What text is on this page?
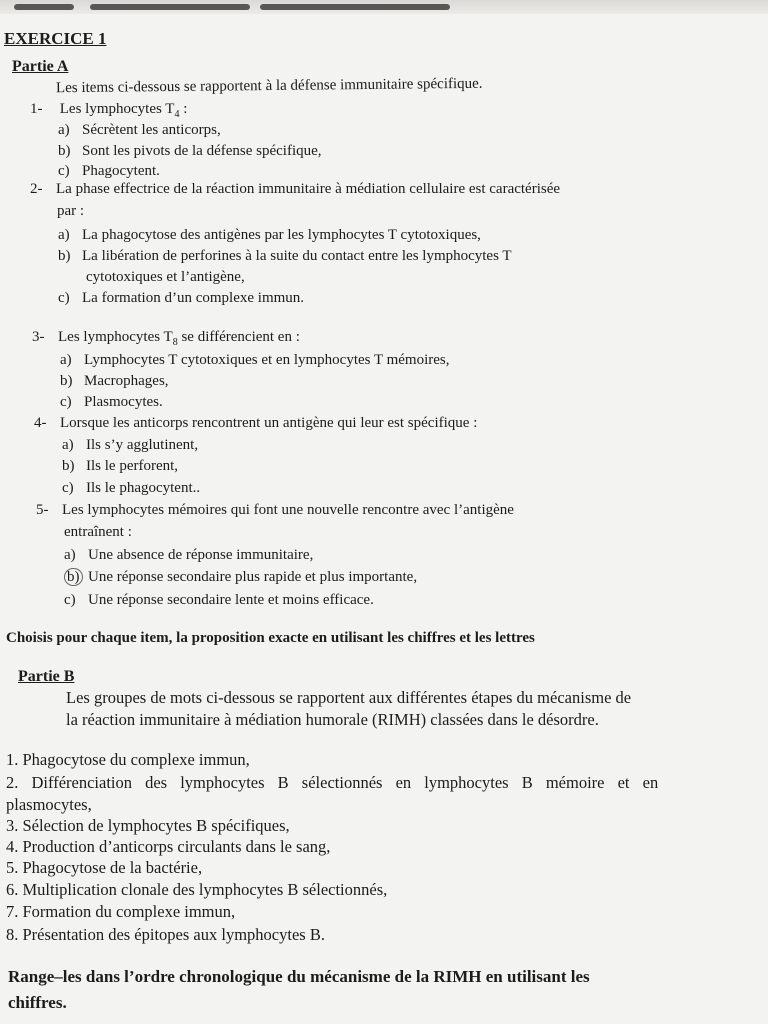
EXERCICE 1
Partie A
Les items ci-dessous se rapportent à la défense immunitaire spécifique.
1- Les lymphocytes $T_4$ :
a) Sécrètent les anticorps,
b) Sont les pivots de la défense spécifique,
c) Phagocytent.
2- La phase effectrice de la réaction immunitaire à médiation cellulaire est caractérisée
par :
a) La phagocytose des antigènes par les lymphocytes T cytotoxiques,
b) La libération de perforines à la suite du contact entre les lymphocytes T
cytotoxiques et l’antigène,
c) La formation d’un complexe immun.
3- Les lymphocytes $T_8$ se différencient en :
a) Lymphocytes T cytotoxiques et en lymphocytes T mémoires,
b) Macrophages,
c) Plasmocytes.
4- Lorsque les anticorps rencontrent un antigène qui leur est spécifique :
a) Ils s’y agglutinent,
b) Ils le perforent,
c) Ils le phagocytent..
5- Les lymphocytes mémoires qui font une nouvelle rencontre avec l’antigène
entraînent :
a) Une absence de réponse immunitaire,
b) Une réponse secondaire plus rapide et plus importante,
c) Une réponse secondaire lente et moins efficace.
Choisis pour chaque item, la proposition exacte en utilisant les chiffres et les lettres
Partie B
Les groupes de mots ci-dessous se rapportent aux différentes étapes du mécanisme de
la réaction immunitaire à médiation humorale (RIMH) classées dans le désordre.
1. Phagocytose du complexe immun,
2. Différenciation des lymphocytes B sélectionnés en lymphocytes B mémoire et en
plasmocytes,
3. Sélection de lymphocytes B spécifiques,
4. Production d’anticorps circulants dans le sang,
5. Phagocytose de la bactérie,
6. Multiplication clonale des lymphocytes B sélectionnés,
7. Formation du complexe immun,
8. Présentation des épitopes aux lymphocytes B.
Range–les dans l’ordre chronologique du mécanisme de la RIMH en utilisant les
chiffres.
